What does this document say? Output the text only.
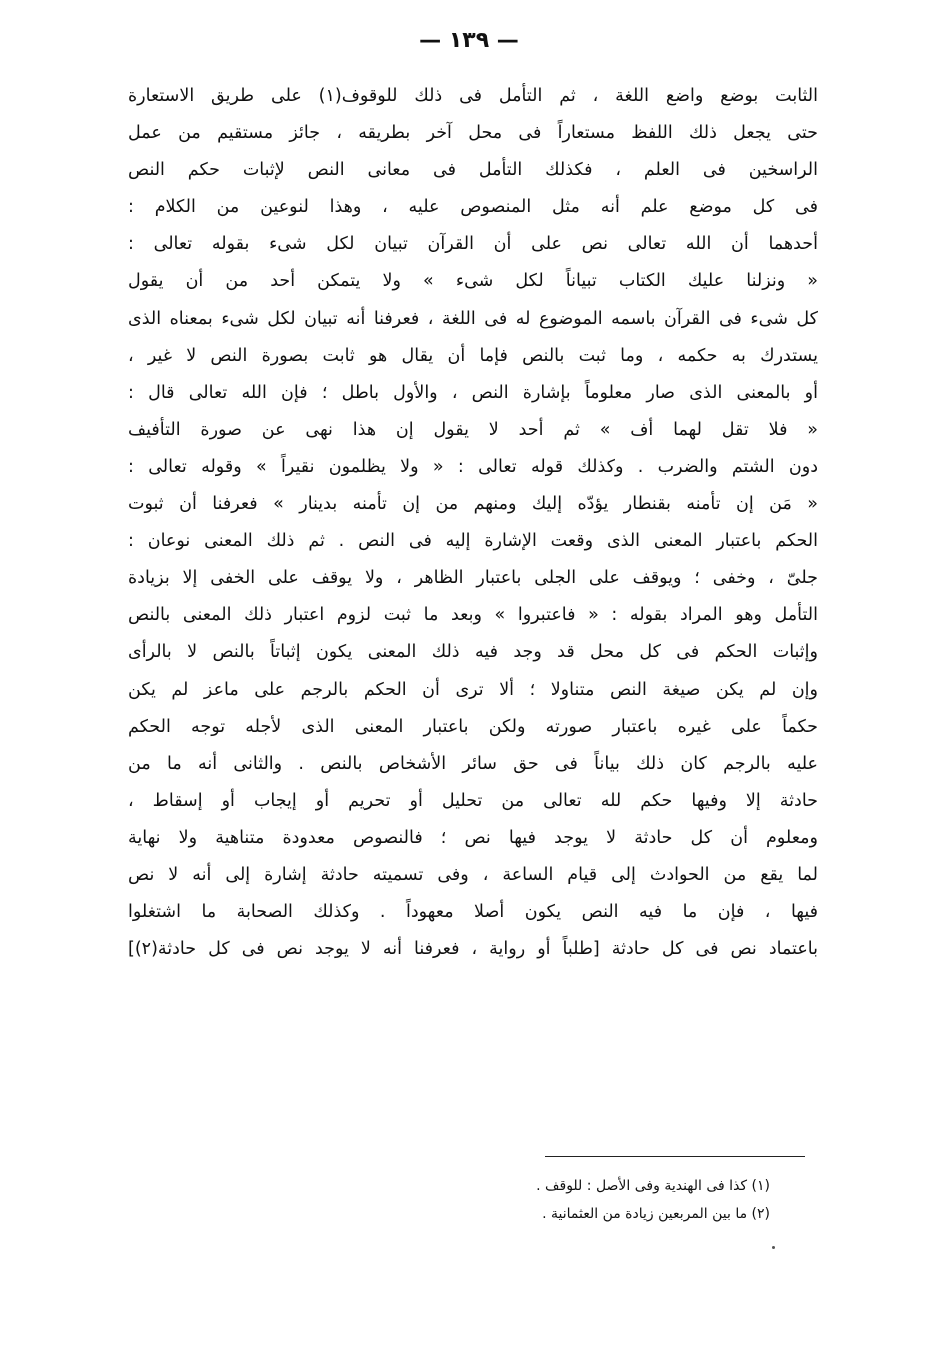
— ١٣٩ —
الثابت بوضع واضع اللغة ، ثم التأمل فى ذلك للوقوف(١) على طريق الاستعارة
حتى يجعل ذلك اللفظ مستعاراً فى محل آخر بطريقه ، جائز مستقيم من عمل
الراسخين فى العلم ، فكذلك التأمل فى معانى النص لإثبات حكم النص
فى كل موضع علم أنه مثل المنصوص عليه ، وهذا لنوعين من الكلام :
أحدهما أن الله تعالى نص على أن القرآن تبيان لكل شىء بقوله تعالى :
« ونزلنا عليك الكتاب تبياناً لكل شىء » ولا يتمكن أحد من أن يقول
كل شىء فى القرآن باسمه الموضوع له فى اللغة ، فعرفنا أنه تبيان لكل شىء بمعناه الذى
يستدرك به حكمه ، وما ثبت بالنص فإما أن يقال هو ثابت بصورة النص لا غير ،
أو بالمعنى الذى صار معلوماً بإشارة النص ، والأول باطل ؛ فإن الله تعالى قال :
« فلا تقل لهما أف » ثم أحد لا يقول إن هذا نهى عن صورة التأفيف
دون الشتم والضرب . وكذلك قوله تعالى : « ولا يظلمون نقيراً » وقوله تعالى :
« مَن إن تأمنه بقنطار يؤدّه إليك ومنهم من إن تأمنه بدينار » فعرفنا أن ثبوت
الحكم باعتبار المعنى الذى وقعت الإشارة إليه فى النص . ثم ذلك المعنى نوعان :
جلىّ ، وخفى ؛ ويوقف على الجلى باعتبار الظاهر ، ولا يوقف على الخفى إلا بزيادة
التأمل وهو المراد بقوله : « فاعتبروا » وبعد ما ثبت لزوم اعتبار ذلك المعنى بالنص
وإثبات الحكم فى كل محل قد وجد فيه ذلك المعنى يكون إثباتاً بالنص لا بالرأى
وإن لم يكن صيغة النص متناولا ؛ ألا ترى أن الحكم بالرجم على ماعز لم يكن
حكماً على غيره باعتبار صورته ولكن باعتبار المعنى الذى لأجله توجه الحكم
عليه بالرجم كان ذلك بياناً فى حق سائر الأشخاص بالنص . والثانى أنه ما من
حادثة إلا وفيها حكم لله تعالى من تحليل أو تحريم أو إيجاب أو إسقاط ،
ومعلوم أن كل حادثة لا يوجد فيها نص ؛ فالنصوص معدودة متناهية ولا نهاية
لما يقع من الحوادث إلى قيام الساعة ، وفى تسميته حادثة إشارة إلى أنه لا نص
فيها ، فإن ما فيه النص يكون أصلا معهوداً . وكذلك الصحابة ما اشتغلوا
باعتماد نص فى كل حادثة [طلباً أو رواية ، فعرفنا أنه لا يوجد نص فى كل حادثة(٢)]
(١) كذا فى الهندية وفى الأصل : للوقف .
(٢) ما بين المربعين زيادة من العثمانية .
